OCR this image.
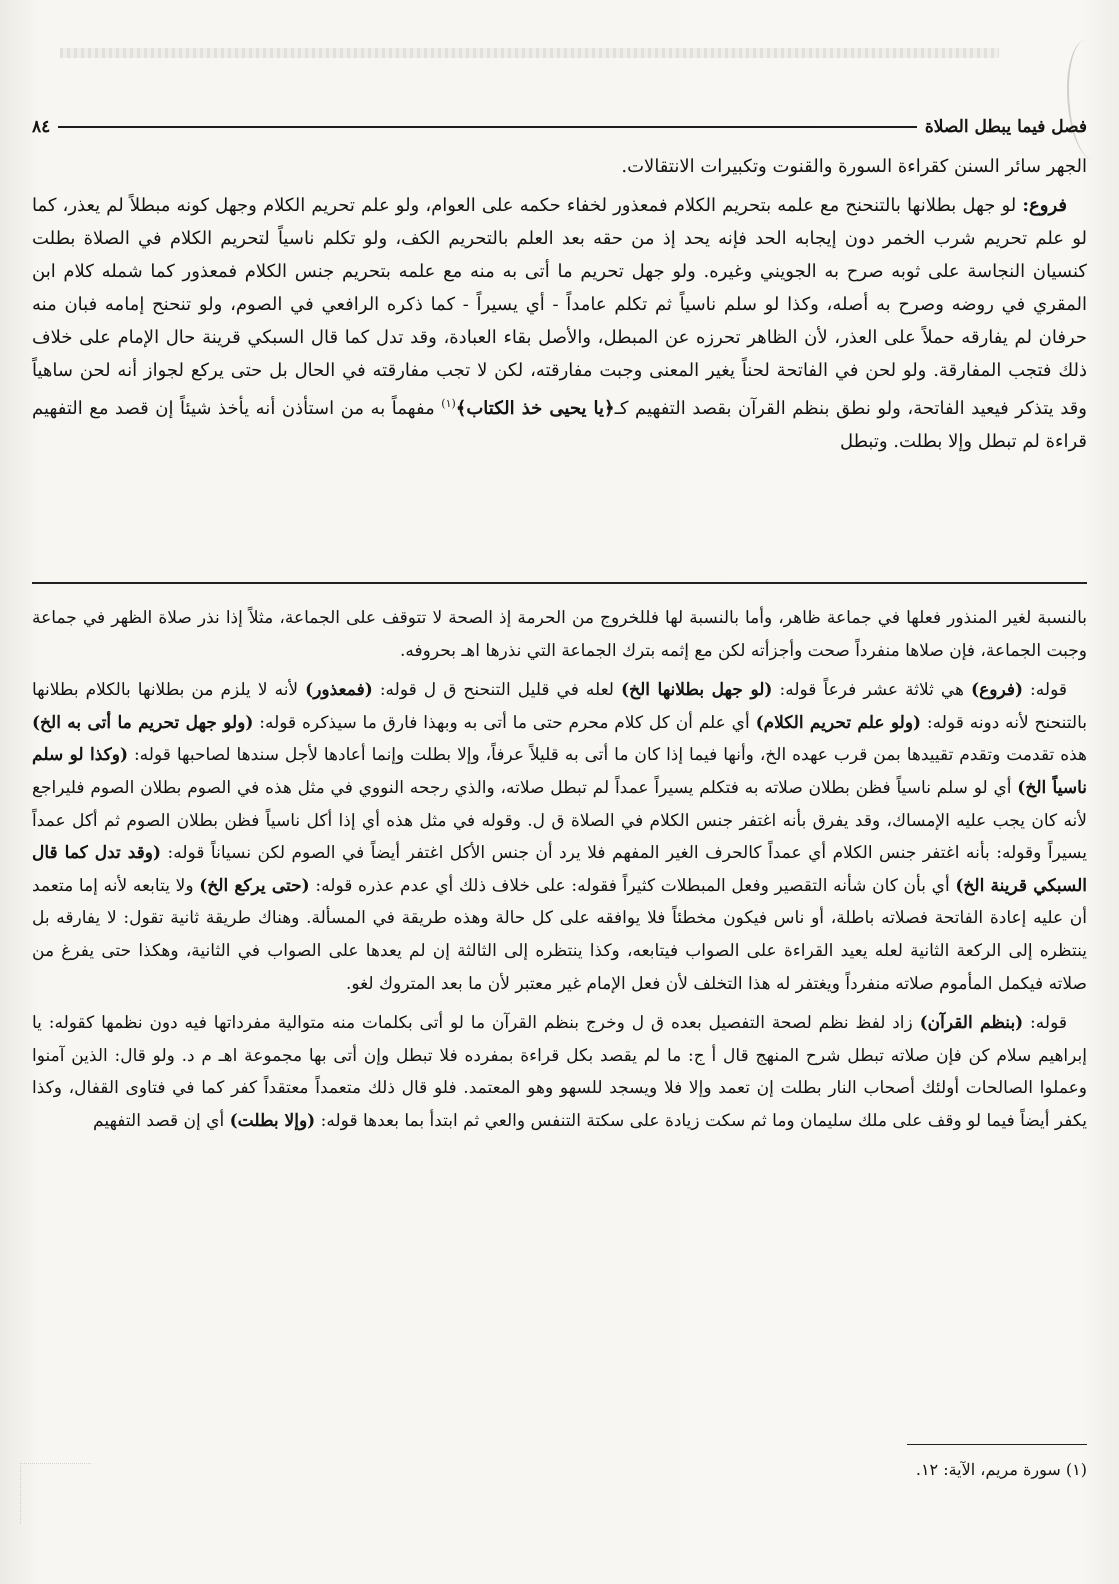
فصل فيما يبطل الصلاة
٨٤

الجهر سائر السنن كقراءة السورة والقنوت وتكبيرات الانتقالات.

فروع: لو جهل بطلانها بالتنحنح مع علمه بتحريم الكلام فمعذور لخفاء حكمه على العوام، ولو علم تحريم الكلام وجهل كونه مبطلاً لم يعذر، كما لو علم تحريم شرب الخمر دون إيجابه الحد فإنه يحد إذ من حقه بعد العلم بالتحريم الكف، ولو تكلم ناسياً لتحريم الكلام في الصلاة بطلت كنسيان النجاسة على ثوبه صرح به الجويني وغيره. ولو جهل تحريم ما أتى به منه مع علمه بتحريم جنس الكلام فمعذور كما شمله كلام ابن المقري في روضه وصرح به أصله، وكذا لو سلم ناسياً ثم تكلم عامداً - أي يسيراً - كما ذكره الرافعي في الصوم، ولو تنحنح إمامه فبان منه حرفان لم يفارقه حملاً على العذر، لأن الظاهر تحرزه عن المبطل، والأصل بقاء العبادة، وقد تدل كما قال السبكي قرينة حال الإمام على خلاف ذلك فتجب المفارقة. ولو لحن في الفاتحة لحناً يغير المعنى وجبت مفارقته، لكن لا تجب مفارقته في الحال بل حتى يركع لجواز أنه لحن ساهياً وقد يتذكر فيعيد الفاتحة، ولو نطق بنظم القرآن بقصد التفهيم كـ﴿يا يحيى خذ الكتاب﴾$^{(١)}$ مفهماً به من استأذن أنه يأخذ شيئاً إن قصد مع التفهيم قراءة لم تبطل وإلا بطلت. وتبطل

بالنسبة لغير المنذور فعلها في جماعة ظاهر، وأما بالنسبة لها فللخروج من الحرمة إذ الصحة لا تتوقف على الجماعة، مثلاً إذا نذر صلاة الظهر في جماعة وجبت الجماعة، فإن صلاها منفرداً صحت وأجزأته لكن مع إثمه بترك الجماعة التي نذرها اهـ بحروفه.

قوله: (فروع) هي ثلاثة عشر فرعاً قوله: (لو جهل بطلانها الخ) لعله في قليل التنحنح ق ل قوله: (فمعذور) لأنه لا يلزم من بطلانها بالكلام بطلانها بالتنحنح لأنه دونه قوله: (ولو علم تحريم الكلام) أي علم أن كل كلام محرم حتى ما أتى به وبهذا فارق ما سيذكره قوله: (ولو جهل تحريم ما أتى به الخ) هذه تقدمت وتقدم تقييدها بمن قرب عهده الخ، وأنها فيما إذا كان ما أتى به قليلاً عرفاً، وإلا بطلت وإنما أعادها لأجل سندها لصاحبها قوله: (وكذا لو سلم ناسياً الخ) أي لو سلم ناسياً فظن بطلان صلاته به فتكلم يسيراً عمداً لم تبطل صلاته، والذي رجحه النووي في مثل هذه في الصوم بطلان الصوم فليراجع لأنه كان يجب عليه الإمساك، وقد يفرق بأنه اغتفر جنس الكلام في الصلاة ق ل. وقوله في مثل هذه أي إذا أكل ناسياً فظن بطلان الصوم ثم أكل عمداً يسيراً وقوله: بأنه اغتفر جنس الكلام أي عمداً كالحرف الغير المفهم فلا يرد أن جنس الأكل اغتفر أيضاً في الصوم لكن نسياناً قوله: (وقد تدل كما قال السبكي قرينة الخ) أي بأن كان شأنه التقصير وفعل المبطلات كثيراً فقوله: على خلاف ذلك أي عدم عذره قوله: (حتى يركع الخ) ولا يتابعه لأنه إما متعمد أن عليه إعادة الفاتحة فصلاته باطلة، أو ناس فيكون مخطئاً فلا يوافقه على كل حالة وهذه طريقة في المسألة. وهناك طريقة ثانية تقول: لا يفارقه بل ينتظره إلى الركعة الثانية لعله يعيد القراءة على الصواب فيتابعه، وكذا ينتظره إلى الثالثة إن لم يعدها على الصواب في الثانية، وهكذا حتى يفرغ من صلاته فيكمل المأموم صلاته منفرداً ويغتفر له هذا التخلف لأن فعل الإمام غير معتبر لأن ما بعد المتروك لغو.

قوله: (بنظم القرآن) زاد لفظ نظم لصحة التفصيل بعده ق ل وخرج بنظم القرآن ما لو أتى بكلمات منه متوالية مفرداتها فيه دون نظمها كقوله: يا إبراهيم سلام كن فإن صلاته تبطل شرح المنهج قال أ ج: ما لم يقصد بكل قراءة بمفرده فلا تبطل وإن أتى بها مجموعة اهـ م د. ولو قال: الذين آمنوا وعملوا الصالحات أولئك أصحاب النار بطلت إن تعمد وإلا فلا ويسجد للسهو وهو المعتمد. فلو قال ذلك متعمداً معتقداً كفر كما في فتاوى القفال، وكذا يكفر أيضاً فيما لو وقف على ملك سليمان وما ثم سكت زيادة على سكتة التنفس والعي ثم ابتدأ بما بعدها قوله: (وإلا بطلت) أي إن قصد التفهيم

(١) سورة مريم، الآية: ١٢.
